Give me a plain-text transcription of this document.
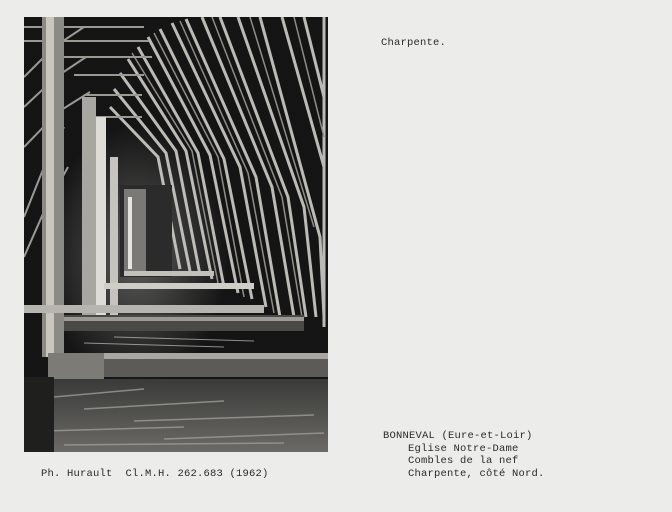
Charpente.
Ph. Hurault  Cl.M.H. 262.683 (1962)
BONNEVAL (Eure-et-Loir)
Eglise Notre-Dame
Combles de la nef
Charpente, côté Nord.
